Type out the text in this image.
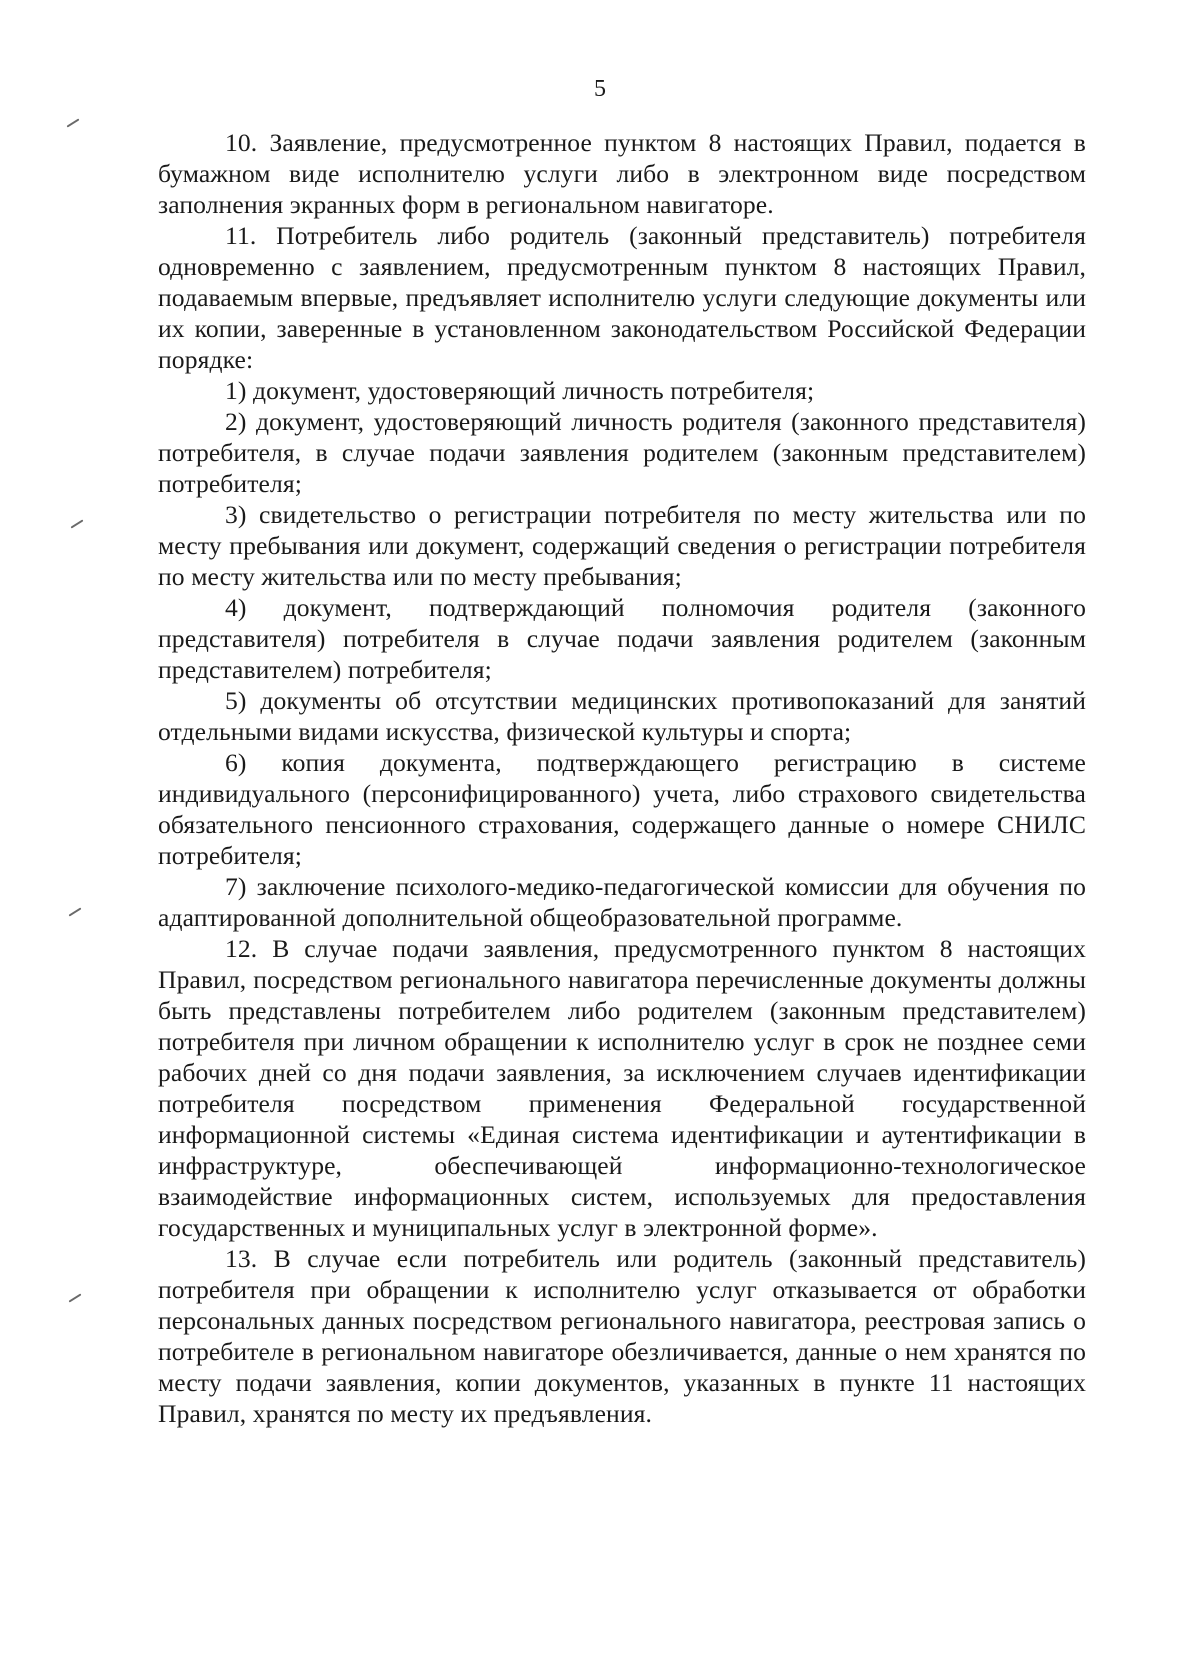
5

10. Заявление, предусмотренное пунктом 8 настоящих Правил, подается в бумажном виде исполнителю услуги либо в электронном виде посредством заполнения экранных форм в региональном навигаторе.

11. Потребитель либо родитель (законный представитель) потребителя одновременно с заявлением, предусмотренным пунктом 8 настоящих Правил, подаваемым впервые, предъявляет исполнителю услуги следующие документы или их копии, заверенные в установленном законодательством Российской Федерации порядке:

1) документ, удостоверяющий личность потребителя;

2) документ, удостоверяющий личность родителя (законного представителя) потребителя, в случае подачи заявления родителем (законным представителем) потребителя;

3) свидетельство о регистрации потребителя по месту жительства или по месту пребывания или документ, содержащий сведения о регистрации потребителя по месту жительства или по месту пребывания;

4) документ, подтверждающий полномочия родителя (законного представителя) потребителя в случае подачи заявления родителем (законным представителем) потребителя;

5) документы об отсутствии медицинских противопоказаний для занятий отдельными видами искусства, физической культуры и спорта;

6) копия документа, подтверждающего регистрацию в системе индивидуального (персонифицированного) учета, либо страхового свидетельства обязательного пенсионного страхования, содержащего данные о номере СНИЛС потребителя;

7) заключение психолого-медико-педагогической комиссии для обучения по адаптированной дополнительной общеобразовательной программе.

12. В случае подачи заявления, предусмотренного пунктом 8 настоящих Правил, посредством регионального навигатора перечисленные документы должны быть представлены потребителем либо родителем (законным представителем) потребителя при личном обращении к исполнителю услуг в срок не позднее семи рабочих дней со дня подачи заявления, за исключением случаев идентификации потребителя посредством применения Федеральной государственной информационной системы «Единая система идентификации и аутентификации в инфраструктуре, обеспечивающей информационно-технологическое взаимодействие информационных систем, используемых для предоставления государственных и муниципальных услуг в электронной форме».

13. В случае если потребитель или родитель (законный представитель) потребителя при обращении к исполнителю услуг отказывается от обработки персональных данных посредством регионального навигатора, реестровая запись о потребителе в региональном навигаторе обезличивается, данные о нем хранятся по месту подачи заявления, копии документов, указанных в пункте 11 настоящих Правил, хранятся по месту их предъявления.
